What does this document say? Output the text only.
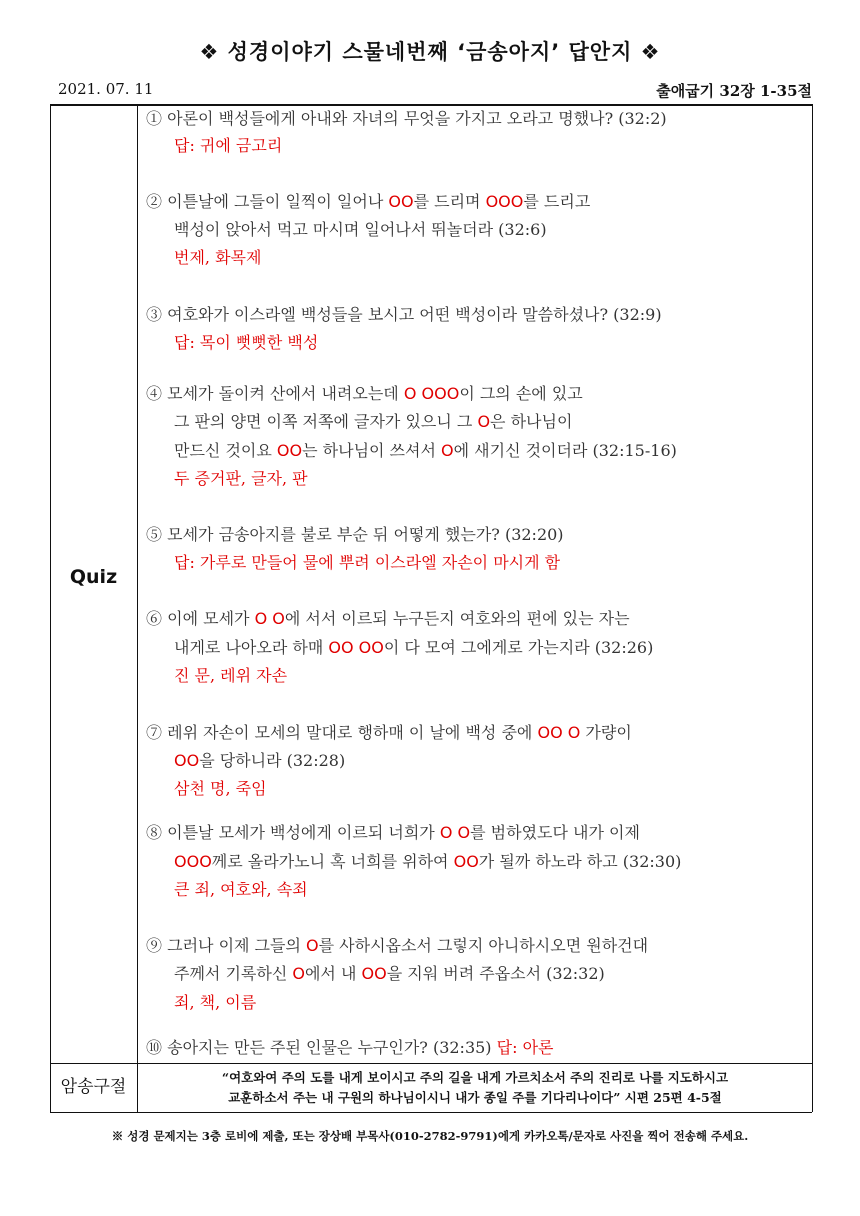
❖ 성경이야기 스물네번째 ‘금송아지’ 답안지 ❖
2021. 07. 11	출애굽기 32장 1-35절
Quiz
암송구절	“여호와여 주의 도를 내게 보이시고 주의 길을 내게 가르치소서 주의 진리로 나를 지도하시고
교훈하소서 주는 내 구원의 하나님이시니 내가 종일 주를 기다리나이다” 시편 25편 4-5절
① 아론이 백성들에게 아내와 자녀의 무엇을 가지고 오라고 명했나? (32:2)
답: 귀에 금고리
② 이튿날에 그들이 일찍이 일어나 OO를 드리며 OOO를 드리고
백성이 앉아서 먹고 마시며 일어나서 뛰놀더라 (32:6)
번제, 화목제
③ 여호와가 이스라엘 백성들을 보시고 어떤 백성이라 말씀하셨나? (32:9)
답: 목이 뻣뻣한 백성
④ 모세가 돌이켜 산에서 내려오는데 O OOO이 그의 손에 있고
그 판의 양면 이쪽 저쪽에 글자가 있으니 그 O은 하나님이
만드신 것이요 OO는 하나님이 쓰셔서 O에 새기신 것이더라 (32:15-16)
두 증거판, 글자, 판
⑤ 모세가 금송아지를 불로 부순 뒤 어떻게 했는가? (32:20)
답: 가루로 만들어 물에 뿌려 이스라엘 자손이 마시게 함
⑥ 이에 모세가 O O에 서서 이르되 누구든지 여호와의 편에 있는 자는
내게로 나아오라 하매 OO OO이 다 모여 그에게로 가는지라 (32:26)
진 문, 레위 자손
⑦ 레위 자손이 모세의 말대로 행하매 이 날에 백성 중에 OO O 가량이
OO을 당하니라 (32:28)
삼천 명, 죽임
⑧ 이튿날 모세가 백성에게 이르되 너희가 O O를 범하였도다 내가 이제
OOO께로 올라가노니 혹 너희를 위하여 OO가 될까 하노라 하고 (32:30)
큰 죄, 여호와, 속죄
⑨ 그러나 이제 그들의 O를 사하시옵소서 그렇지 아니하시오면 원하건대
주께서 기록하신 O에서 내 OO을 지워 버려 주옵소서 (32:32)
죄, 책, 이름
⑩ 송아지는 만든 주된 인물은 누구인가? (32:35) 답: 아론
※ 성경 문제지는 3층 로비에 제출, 또는 장상배 부목사(010-2782-9791)에게 카카오톡/문자로 사진을 찍어 전송해 주세요.
